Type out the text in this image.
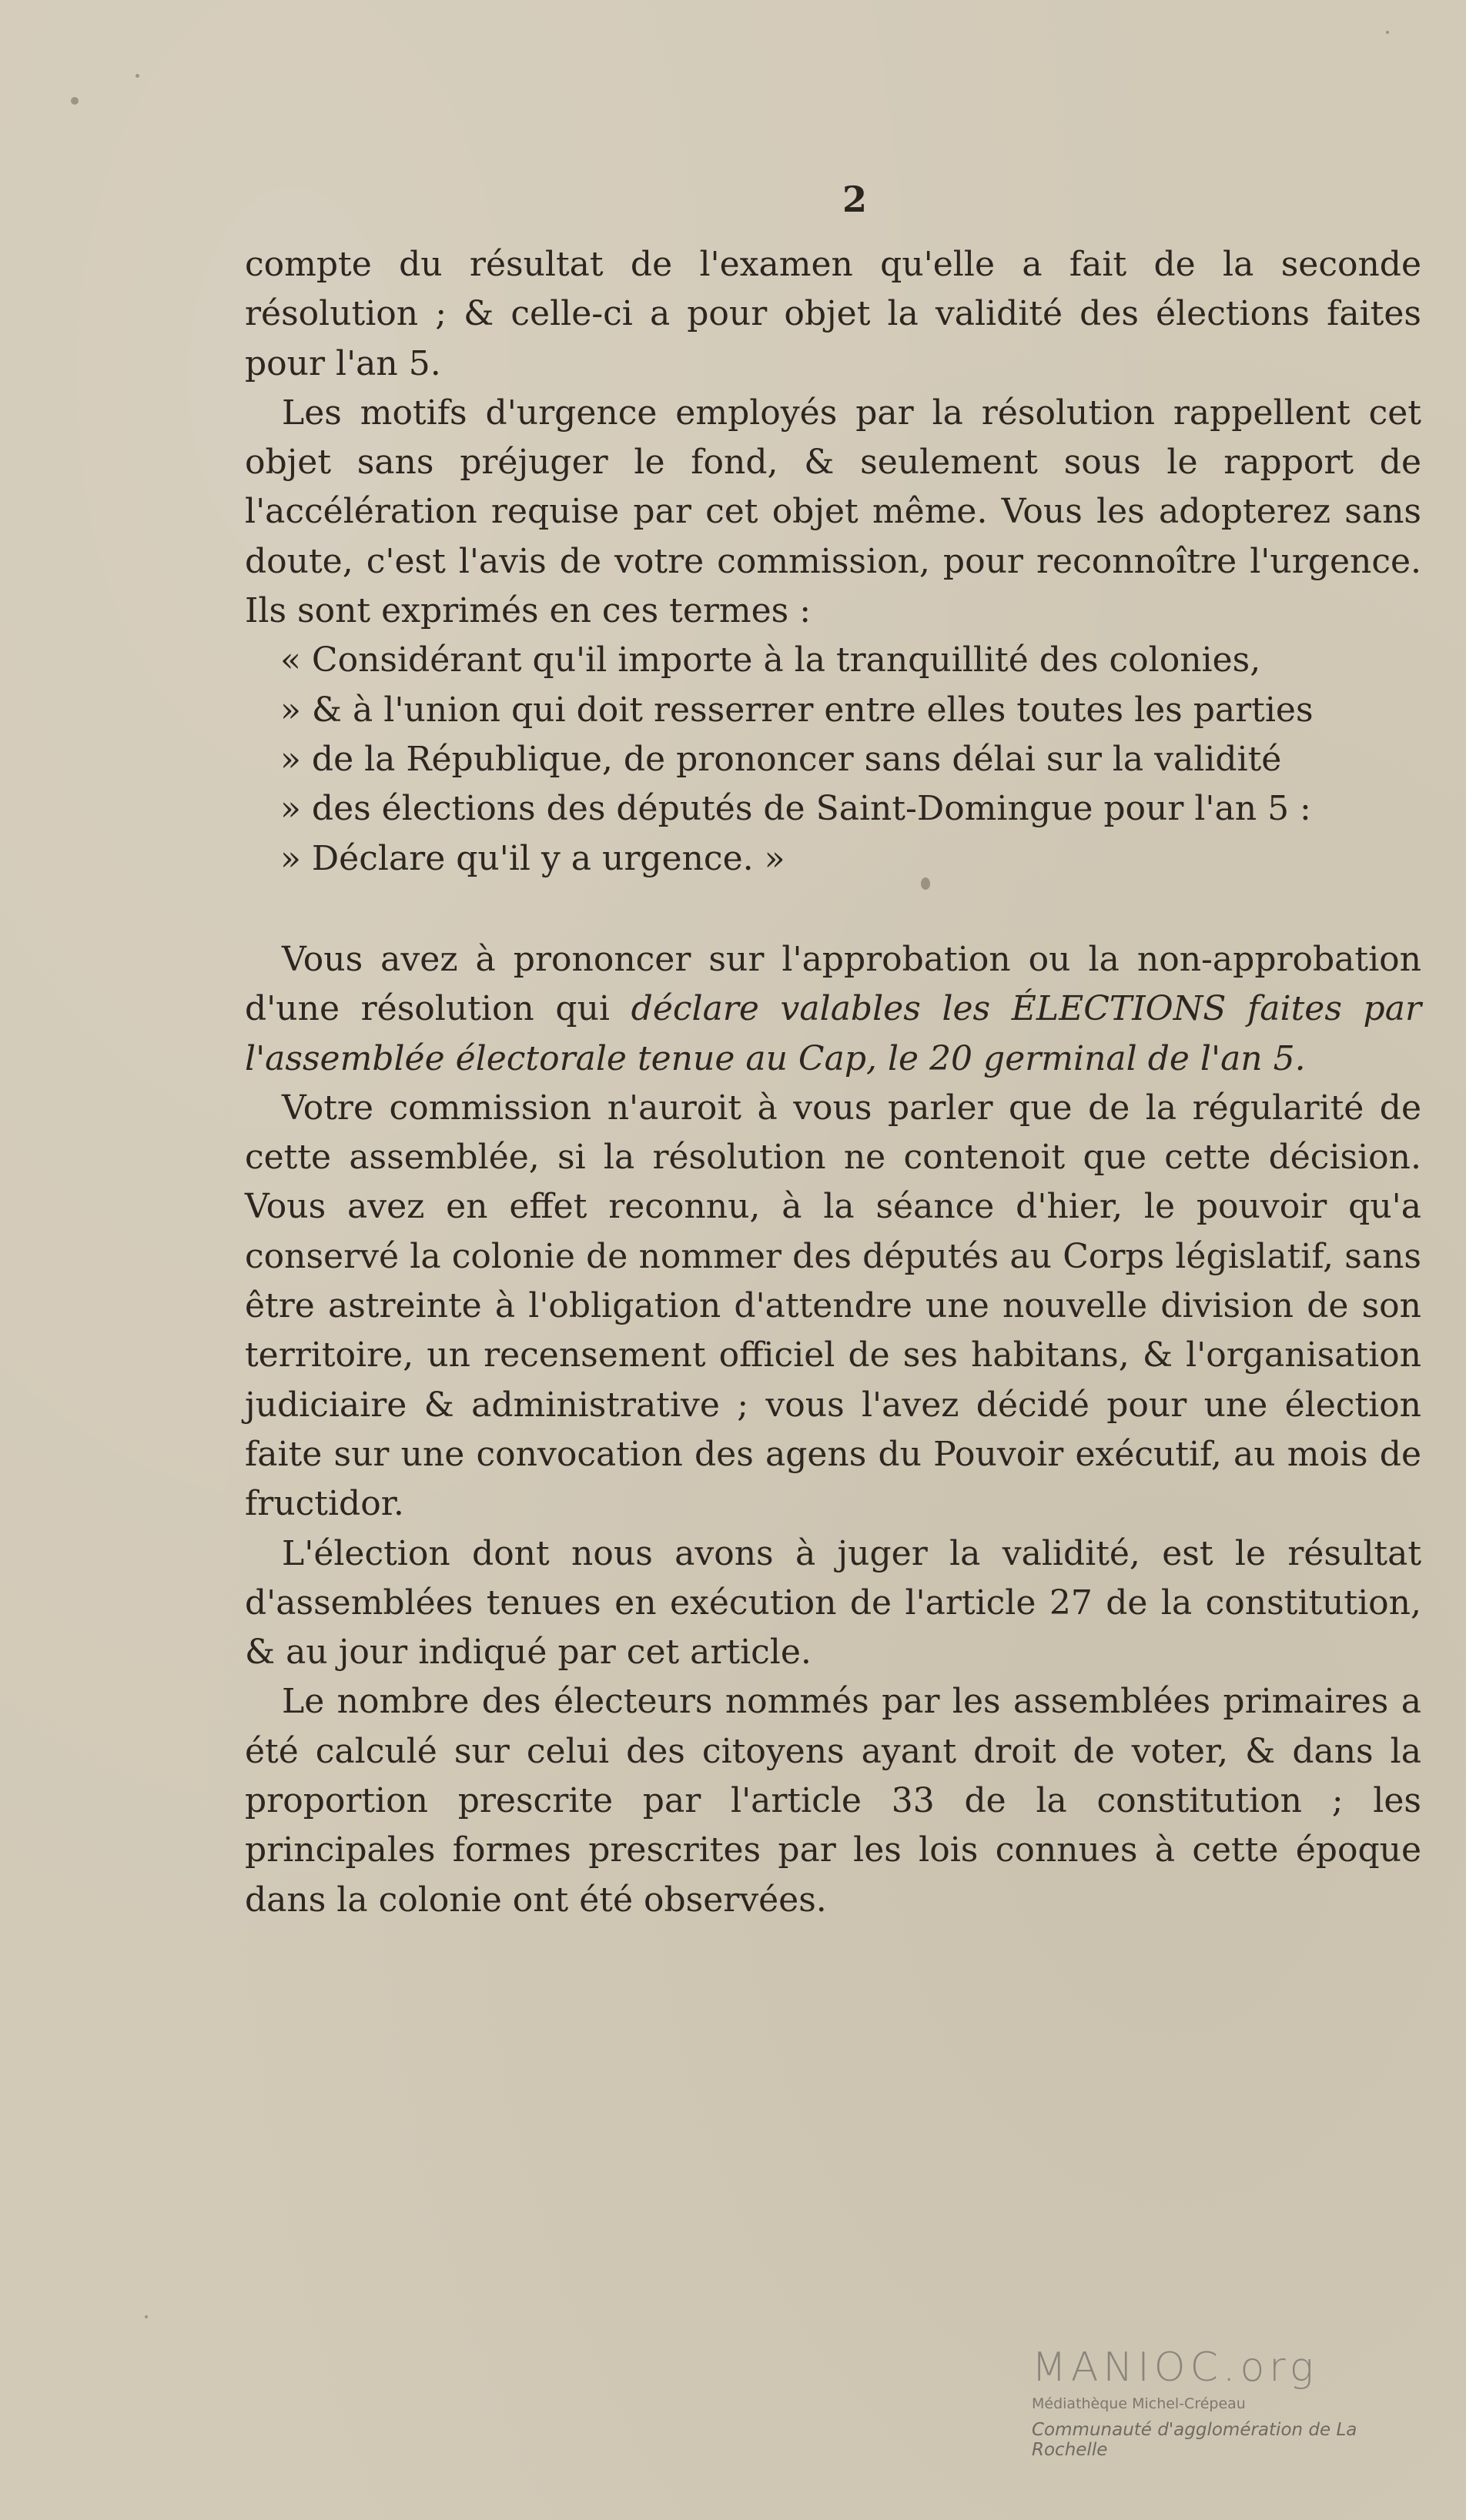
2

compte du résultat de l'examen qu'elle a fait de la seconde résolution ; & celle-ci a pour objet la validité des élections faites pour l'an 5.

Les motifs d'urgence employés par la résolution rappellent cet objet sans préjuger le fond, & seulement sous le rapport de l'accélération requise par cet objet même. Vous les adopterez sans doute, c'est l'avis de votre commission, pour reconnoître l'urgence. Ils sont exprimés en ces termes :

« Considérant qu'il importe à la tranquillité des colonies,

» & à l'union qui doit resserrer entre elles toutes les parties

» de la République, de prononcer sans délai sur la validité

» des élections des députés de Saint-Domingue pour l'an 5 :

» Déclare qu'il y a urgence. »

Vous avez à prononcer sur l'approbation ou la non-approbation d'une résolution qui déclare valables les ÉLECTIONS faites par l'assemblée électorale tenue au Cap, le 20 germinal de l'an 5.

Votre commission n'auroit à vous parler que de la régularité de cette assemblée, si la résolution ne contenoit que cette décision. Vous avez en effet reconnu, à la séance d'hier, le pouvoir qu'a conservé la colonie de nommer des députés au Corps législatif, sans être astreinte à l'obligation d'attendre une nouvelle division de son territoire, un recensement officiel de ses habitans, & l'organisation judiciaire & administrative ; vous l'avez décidé pour une élection faite sur une convocation des agens du Pouvoir exécutif, au mois de fructidor.

L'élection dont nous avons à juger la validité, est le résultat d'assemblées tenues en exécution de l'article 27 de la constitution, & au jour indiqué par cet article.

Le nombre des électeurs nommés par les assemblées primaires a été calculé sur celui des citoyens ayant droit de voter, & dans la proportion prescrite par l'article 33 de la constitution ; les principales formes prescrites par les lois connues à cette époque dans la colonie ont été observées.

MANIOC.org
Médiathèque Michel-Crépeau
Communauté d'agglomération de La Rochelle
